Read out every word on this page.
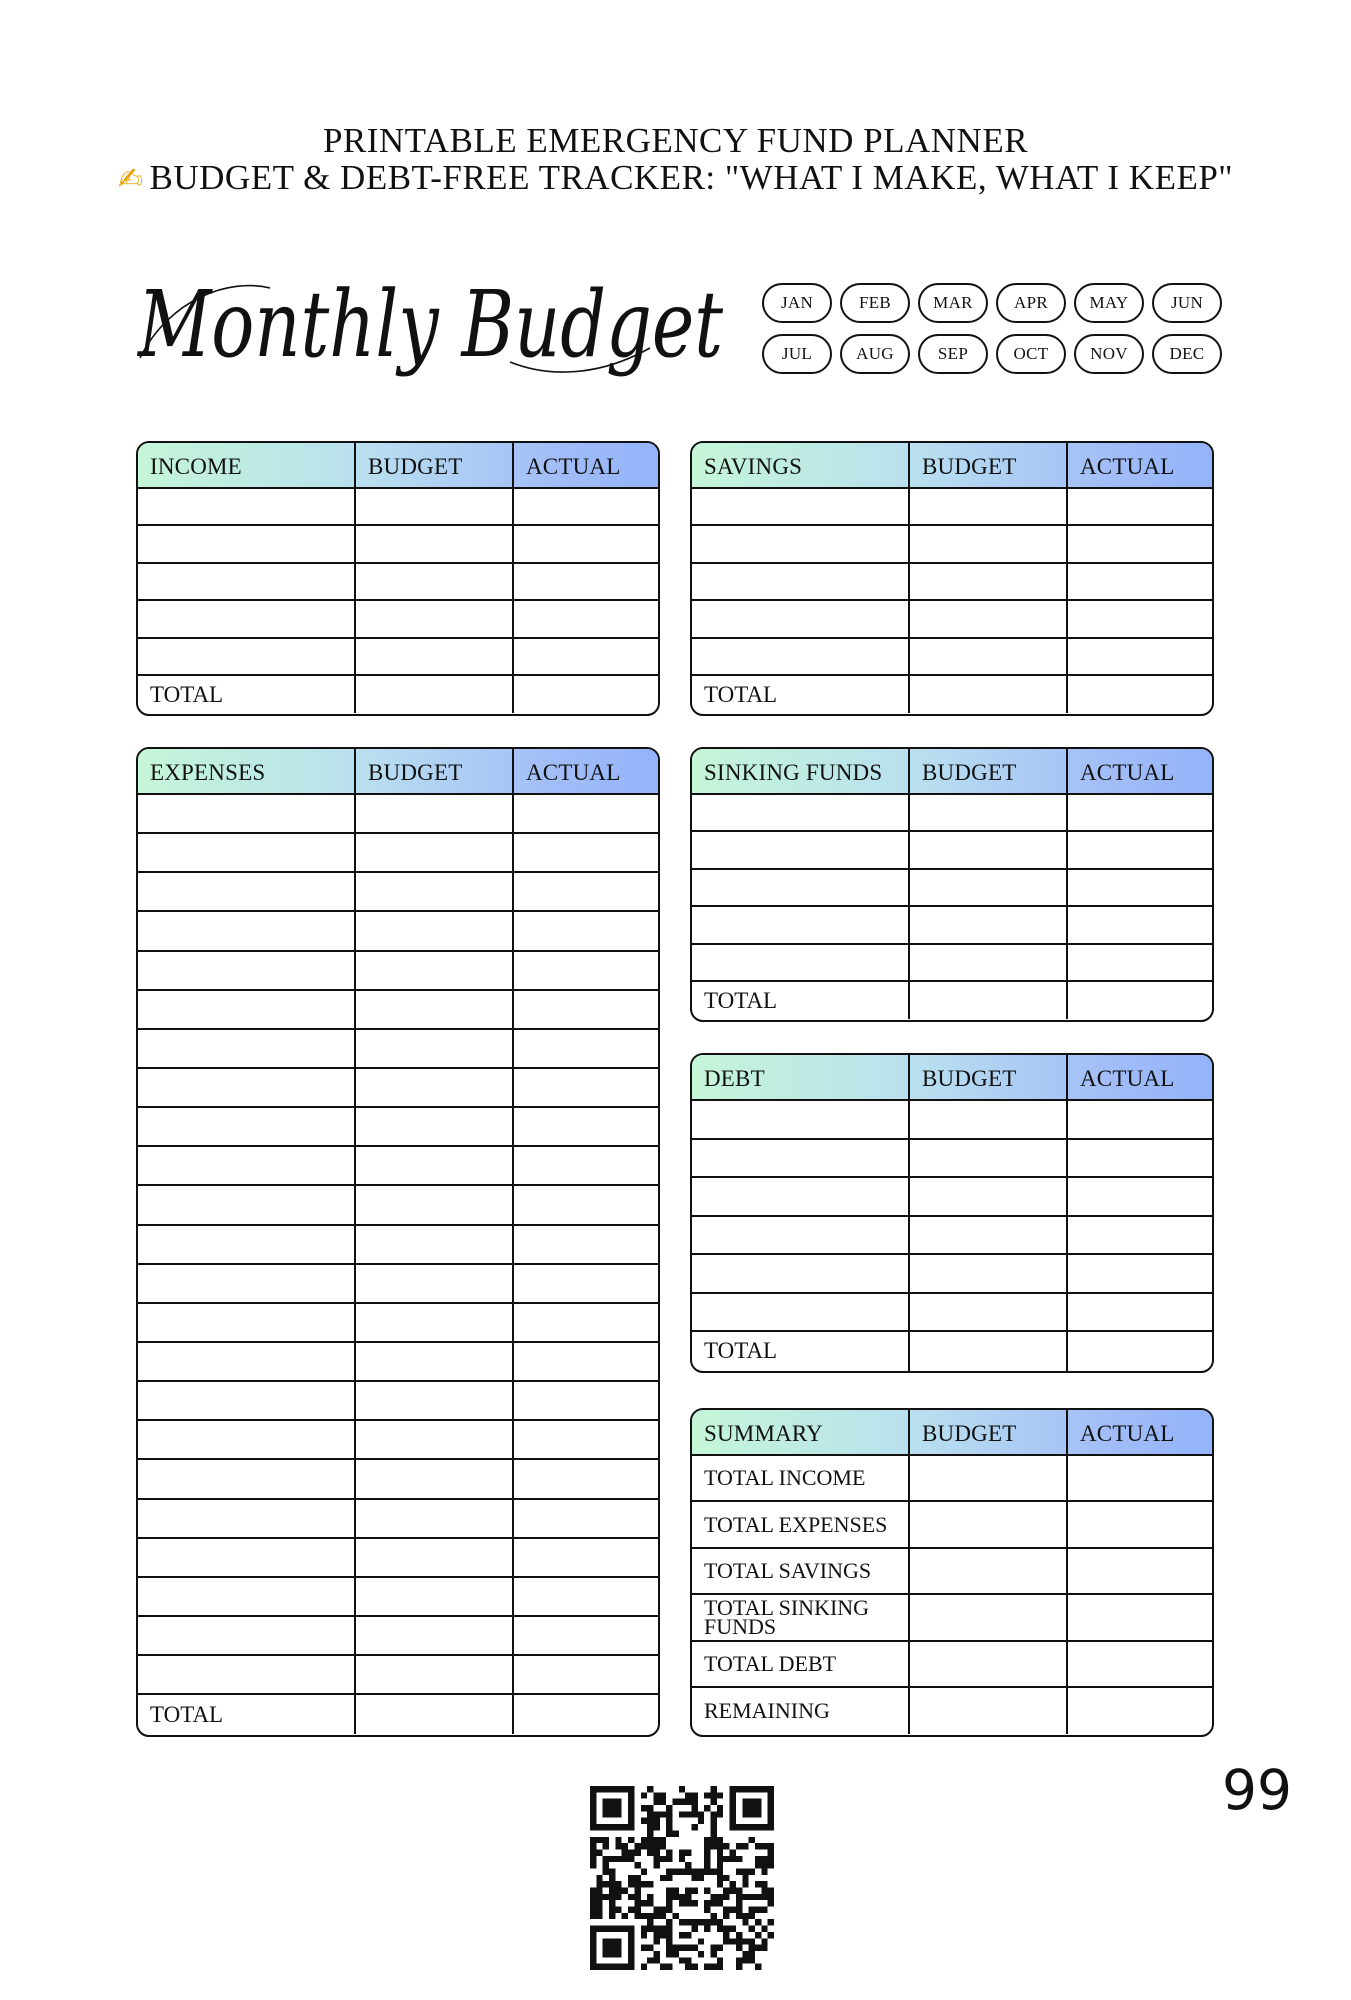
PRINTABLE EMERGENCY FUND PLANNER
✍ BUDGET & DEBT-FREE TRACKER: "WHAT I MAKE, WHAT I KEEP"
Monthly Budget	JAN	FEB	MAR	APR	MAY	JUN
JUL	AUG	SEP	OCT	NOV	DEC
INCOME	BUDGET	ACTUAL
TOTAL
SAVINGS	BUDGET	ACTUAL
TOTAL
EXPENSES	BUDGET	ACTUAL
TOTAL
SINKING FUNDS	BUDGET	ACTUAL
TOTAL
DEBT	BUDGET	ACTUAL
TOTAL
SUMMARY	BUDGET	ACTUAL
TOTAL INCOME
TOTAL EXPENSES
TOTAL SAVINGS
TOTAL SINKING FUNDS
TOTAL DEBT
REMAINING
99
